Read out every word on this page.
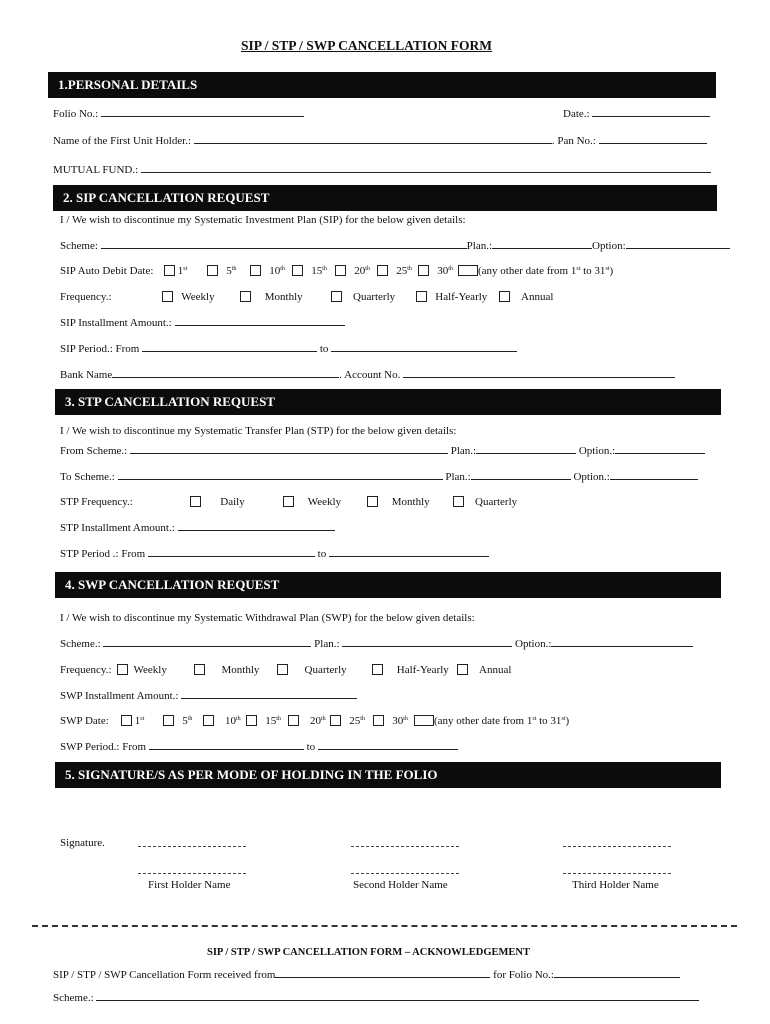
SIP / STP / SWP CANCELLATION FORM
1.PERSONAL DETAILS
Folio No.:	Date.:
Name of the First Unit Holder.:	. Pan No.:
MUTUAL FUND.:
2. SIP CANCELLATION REQUEST
I / We wish to discontinue my Systematic Investment Plan (SIP) for the below given details:
Scheme:	Plan.:	Option:
SIP Auto Debit Date:	1st	5th	10th	15th	20th	25th	30th	(any other date from 1st to 31st)
Frequency.:	Weekly	Monthly	Quarterly	Half-Yearly	Annual
SIP Installment Amount.:
SIP Period.: From	to
Bank Name	. Account No.
3. STP CANCELLATION REQUEST
I / We wish to discontinue my Systematic Transfer Plan (STP) for the below given details:
From Scheme.:	Plan.:	Option.:
To Scheme.:	Plan.:	Option.:
STP Frequency.:	Daily	Weekly	Monthly	Quarterly
STP Installment Amount.:
STP Period .: From	to
4. SWP CANCELLATION REQUEST
I / We wish to discontinue my Systematic Withdrawal Plan (SWP) for the below given details:
Scheme.:	Plan.:	Option.:
Frequency.:	Weekly	Monthly	Quarterly	Half-Yearly	Annual
SWP Installment Amount.:
SWP Date:	1st	5th	10th	15th	20th	25th	30th	(any other date from 1st to 31st)
SWP Period.: From	to
5. SIGNATURE/S AS PER MODE OF HOLDING IN THE FOLIO
Signature.
First Holder Name	Second Holder Name	Third Holder Name
SIP / STP / SWP CANCELLATION FORM – ACKNOWLEDGEMENT
SIP / STP / SWP Cancellation Form received from	for Folio No.:
Scheme.:
